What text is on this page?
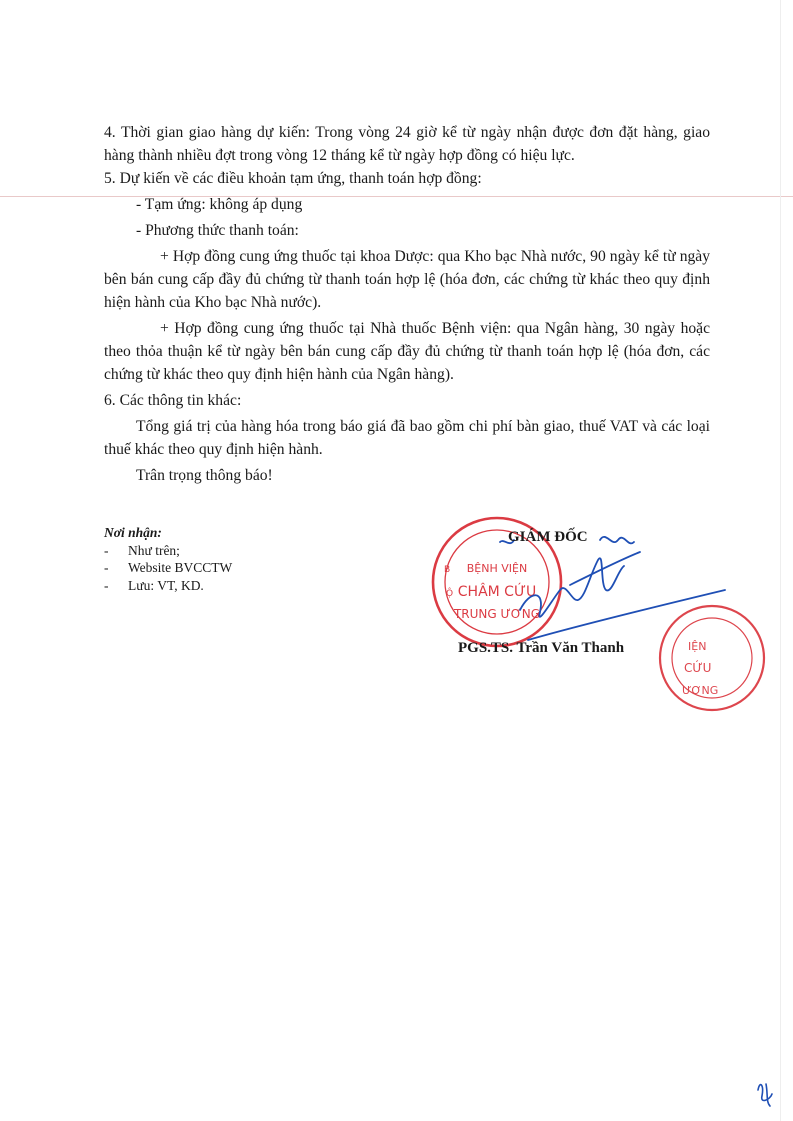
4. Thời gian giao hàng dự kiến: Trong vòng 24 giờ kể từ ngày nhận được đơn đặt hàng, giao hàng thành nhiều đợt trong vòng 12 tháng kể từ ngày hợp đồng có hiệu lực.

5. Dự kiến về các điều khoản tạm ứng, thanh toán hợp đồng:

- Tạm ứng: không áp dụng

- Phương thức thanh toán:

+ Hợp đồng cung ứng thuốc tại khoa Dược: qua Kho bạc Nhà nước, 90 ngày kể từ ngày bên bán cung cấp đầy đủ chứng từ thanh toán hợp lệ (hóa đơn, các chứng từ khác theo quy định hiện hành của Kho bạc Nhà nước).

+ Hợp đồng cung ứng thuốc tại Nhà thuốc Bệnh viện: qua Ngân hàng, 30 ngày hoặc theo thỏa thuận kể từ ngày bên bán cung cấp đầy đủ chứng từ thanh toán hợp lệ (hóa đơn, các chứng từ khác theo quy định hiện hành của Ngân hàng).

6. Các thông tin khác:

Tổng giá trị của hàng hóa trong báo giá đã bao gồm chi phí bàn giao, thuế VAT và các loại thuế khác theo quy định hiện hành.

Trân trọng thông báo!

Nơi nhận:
-	Như trên;
-	Website BVCCTW
-	Lưu: VT, KD.
IỆN
CỨU
ƯƠNG
BỆNH VIỆN
CHÂM CỨU
TRUNG ƯƠNG
B
Ộ
GIÁM ĐỐC
PGS.TS. Trần Văn Thanh
